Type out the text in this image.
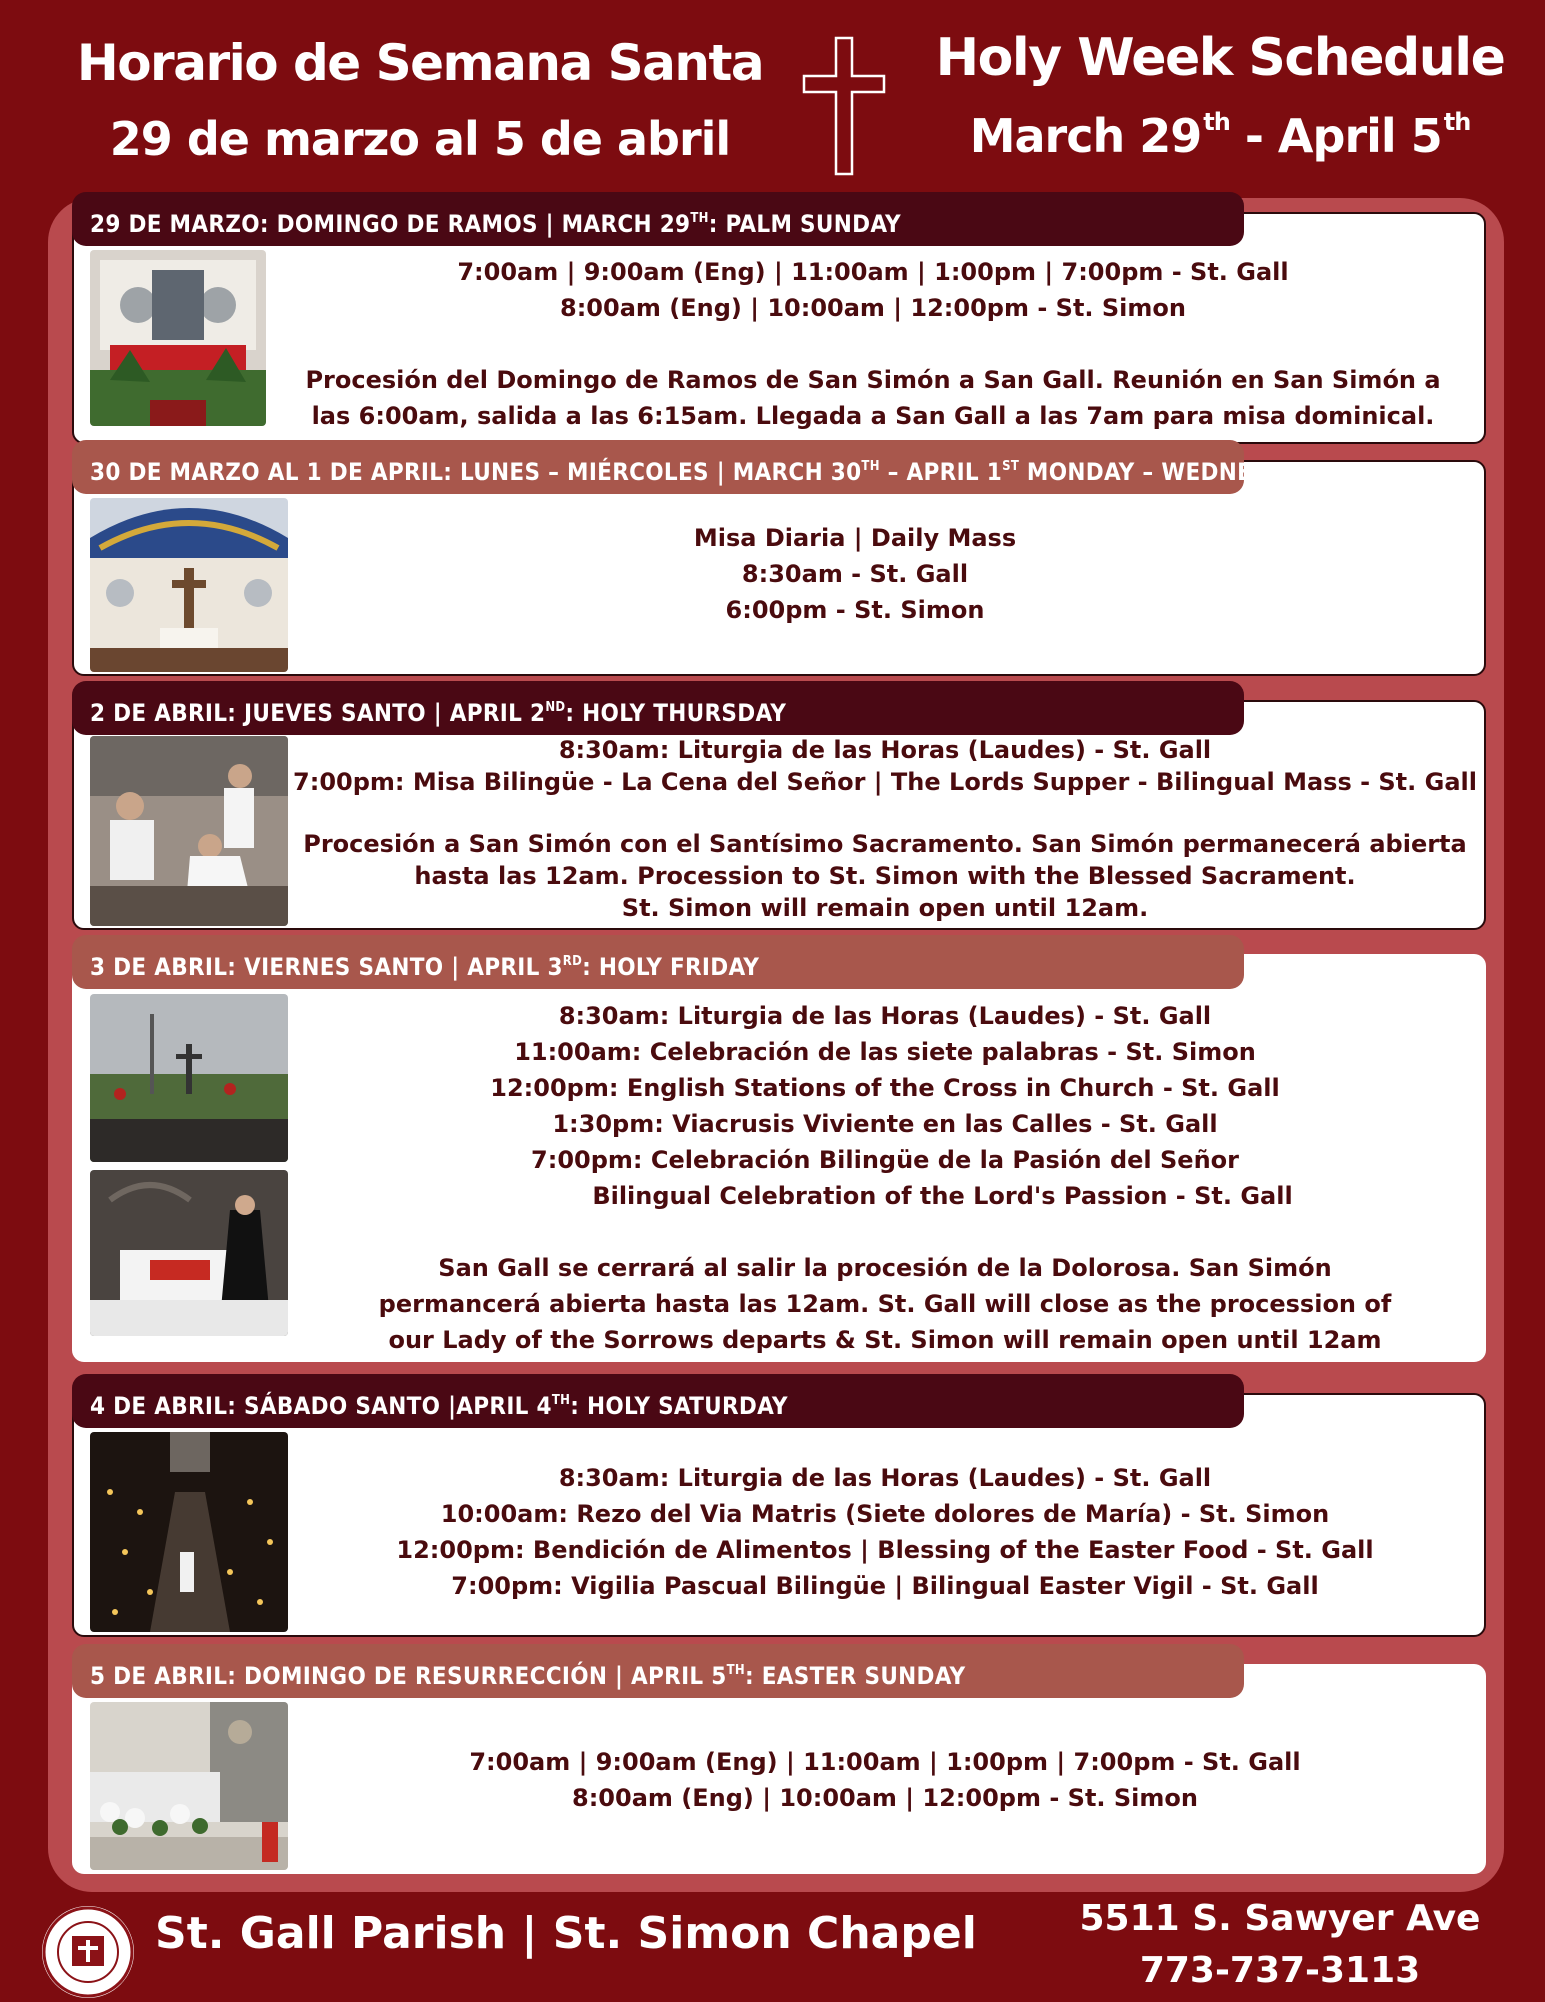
Horario de Semana Santa
29 de marzo al 5 de abril
Holy Week Schedule
March 29th - April 5th
29 DE MARZO: DOMINGO DE RAMOS | MARCH 29TH: PALM SUNDAY

7:00am | 9:00am (Eng) | 11:00am | 1:00pm | 7:00pm - St. Gall

8:00am (Eng) | 10:00am | 12:00pm - St. Simon

Procesión del Domingo de Ramos de San Simón a San Gall. Reunión en San Simón a

las 6:00am, salida a las 6:15am. Llegada a San Gall a las 7am para misa dominical.

30 DE MARZO AL 1 DE APRIL: LUNES – MIÉRCOLES | MARCH 30TH – APRIL 1ST MONDAY – WEDNESDAY

Misa Diaria | Daily Mass

8:30am - St. Gall

6:00pm - St. Simon

2 DE ABRIL: JUEVES SANTO | APRIL 2ND: HOLY THURSDAY

8:30am: Liturgia de las Horas (Laudes) - St. Gall

7:00pm: Misa Bilingüe - La Cena del Señor | The Lords Supper - Bilingual Mass - St. Gall

Procesión a San Simón con el Santísimo Sacramento. San Simón permanecerá abierta

hasta las 12am. Procession to St. Simon with the Blessed Sacrament.

St. Simon will remain open until 12am.

3 DE ABRIL: VIERNES SANTO | APRIL 3RD: HOLY FRIDAY

8:30am: Liturgia de las Horas (Laudes) - St. Gall

11:00am: Celebración de las siete palabras - St. Simon

12:00pm: English Stations of the Cross in Church - St. Gall

1:30pm: Viacrusis Viviente en las Calles - St. Gall

7:00pm: Celebración Bilingüe de la Pasión del Señor

Bilingual Celebration of the Lord's Passion - St. Gall

San Gall se cerrará al salir la procesión de la Dolorosa. San Simón

permancerá abierta hasta las 12am. St. Gall will close as the procession of

our Lady of the Sorrows departs & St. Simon will remain open until 12am

4 DE ABRIL: SÁBADO SANTO |APRIL 4TH: HOLY SATURDAY

8:30am: Liturgia de las Horas (Laudes) - St. Gall

10:00am: Rezo del Via Matris (Siete dolores de María) - St. Simon

12:00pm: Bendición de Alimentos | Blessing of the Easter Food - St. Gall

7:00pm: Vigilia Pascual Bilingüe | Bilingual Easter Vigil - St. Gall

5 DE ABRIL: DOMINGO DE RESURRECCIÓN | APRIL 5TH: EASTER SUNDAY

7:00am | 9:00am (Eng) | 11:00am | 1:00pm | 7:00pm - St. Gall

8:00am (Eng) | 10:00am | 12:00pm - St. Simon

St. Gall Parish | St. Simon Chapel	5511 S. Sawyer Ave
773-737-3113
